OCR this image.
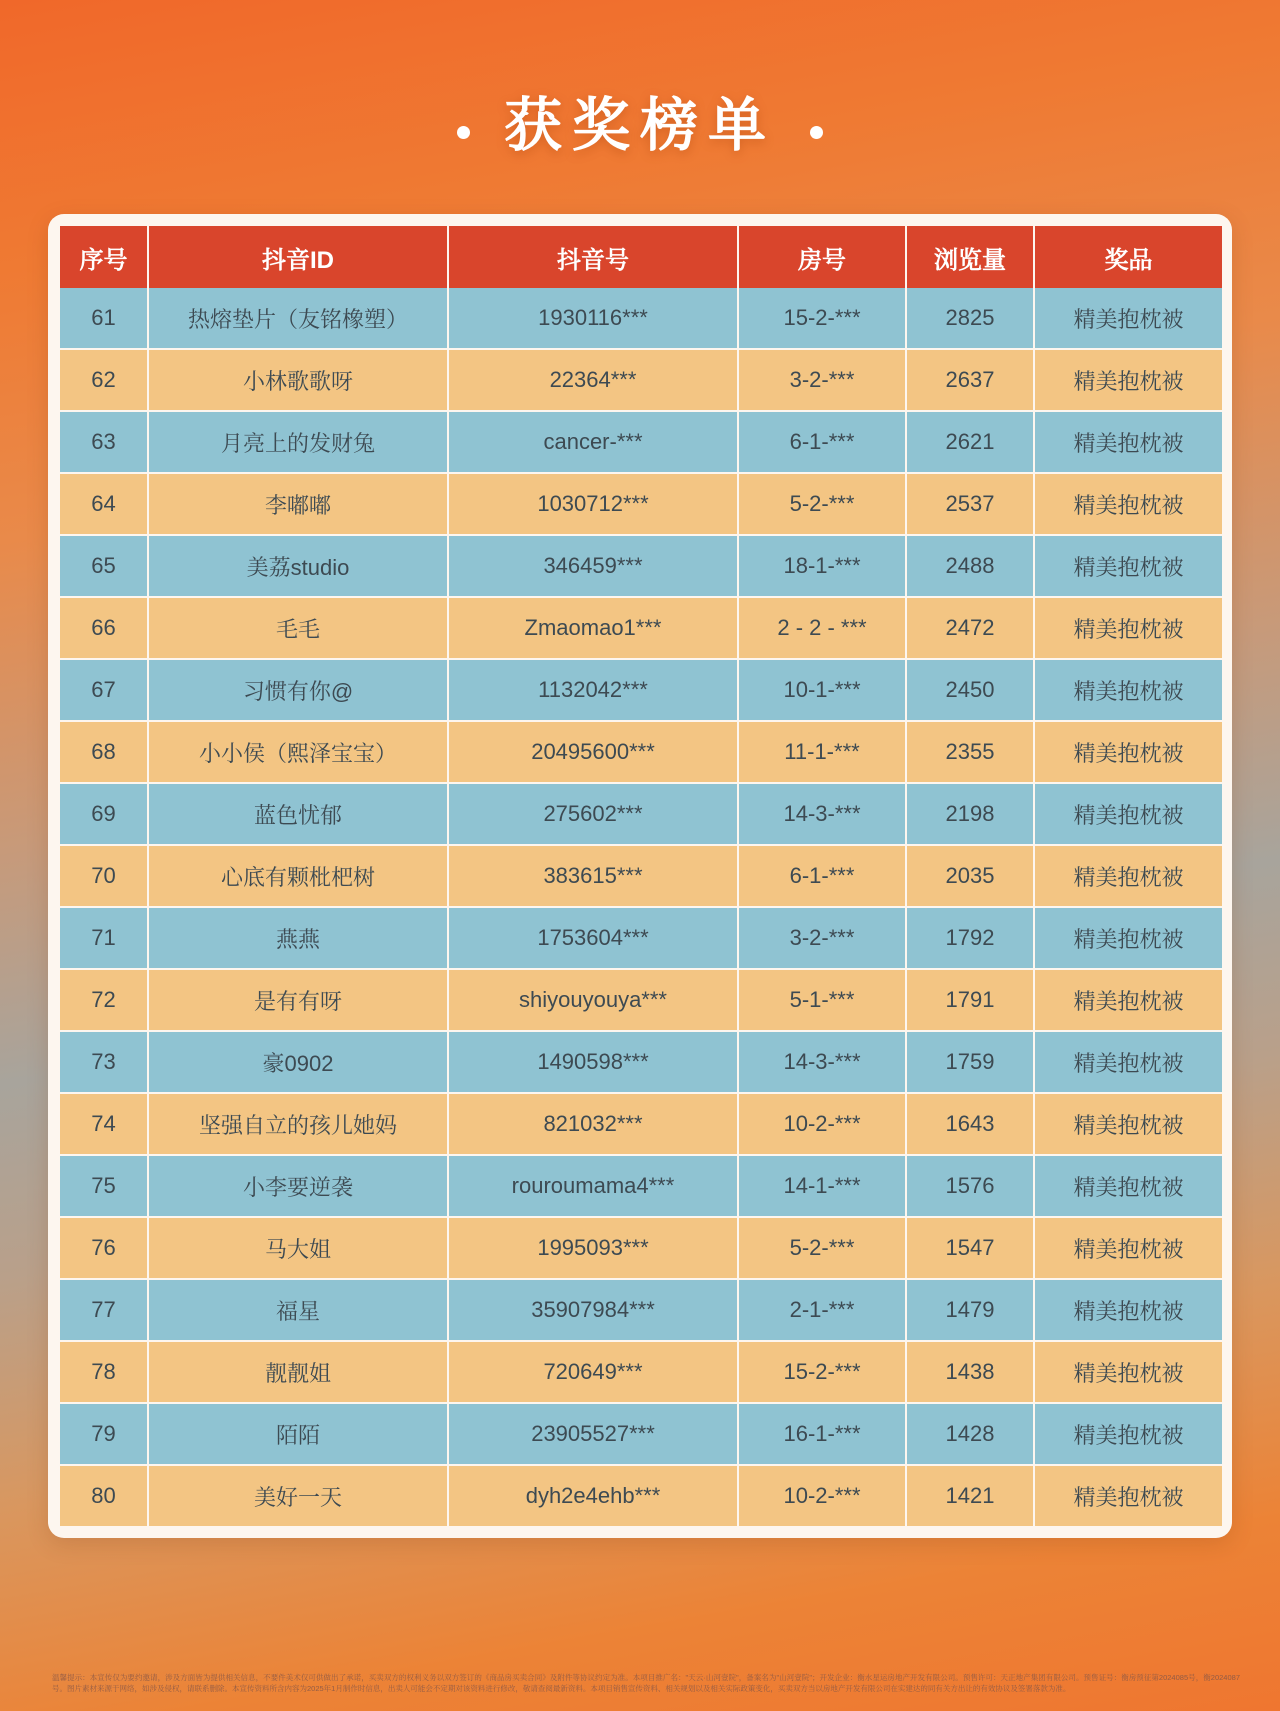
获奖榜单
序号	抖音ID	抖音号	房号	浏览量	奖品
61	热熔垫片（友铭橡塑）	1930116***	15-2-***	2825	精美抱枕被
62	小林歌歌呀	22364***	3-2-***	2637	精美抱枕被
63	月亮上的发财兔	cancer-***	6-1-***	2621	精美抱枕被
64	李嘟嘟	1030712***	5-2-***	2537	精美抱枕被
65	美荔studio	346459***	18-1-***	2488	精美抱枕被
66	毛毛	Zmaomao1***	2 - 2 - ***	2472	精美抱枕被
67	习惯有你@	1132042***	10-1-***	2450	精美抱枕被
68	小小侯（熙泽宝宝）	20495600***	11-1-***	2355	精美抱枕被
69	蓝色忧郁	275602***	14-3-***	2198	精美抱枕被
70	心底有颗枇杷树	383615***	6-1-***	2035	精美抱枕被
71	燕燕	1753604***	3-2-***	1792	精美抱枕被
72	是有有呀	shiyouyouya***	5-1-***	1791	精美抱枕被
73	豪0902	1490598***	14-3-***	1759	精美抱枕被
74	坚强自立的孩儿她妈	821032***	10-2-***	1643	精美抱枕被
75	小李要逆袭	rouroumama4***	14-1-***	1576	精美抱枕被
76	马大姐	1995093***	5-2-***	1547	精美抱枕被
77	福星	35907984***	2-1-***	1479	精美抱枕被
78	靓靓姐	720649***	15-2-***	1438	精美抱枕被
79	陌陌	23905527***	16-1-***	1428	精美抱枕被
80	美好一天	dyh2e4ehb***	10-2-***	1421	精美抱枕被
温馨提示：本宣传仅为要约邀请，涉及方面皆为提供相关信息，不要件美术仅可供做出了承诺，买卖双方的权利义务以双方签订的《商品房买卖合同》及附件等协议约定为准。本项目推广名："天云·山河壹院"，备案名为"山河壹院"；开发企业：衡水星运房地产开发有限公司。预售许可：天正地产集团有限公司。预售证号：衡房预征第2024085号，衡2024087号。图片素材来源于网络，如涉及侵权，请联系删除。本宣传资料所含内容为2025年1月制作时信息，出卖人可能会不定期对该资料进行修改，敬请查阅最新资料。本项目销售宣传资料、相关规划以及相关实际政策变化，买卖双方当以房地产开发有限公司在实建达的同有关方出让的有效协议及签署落款为准。
